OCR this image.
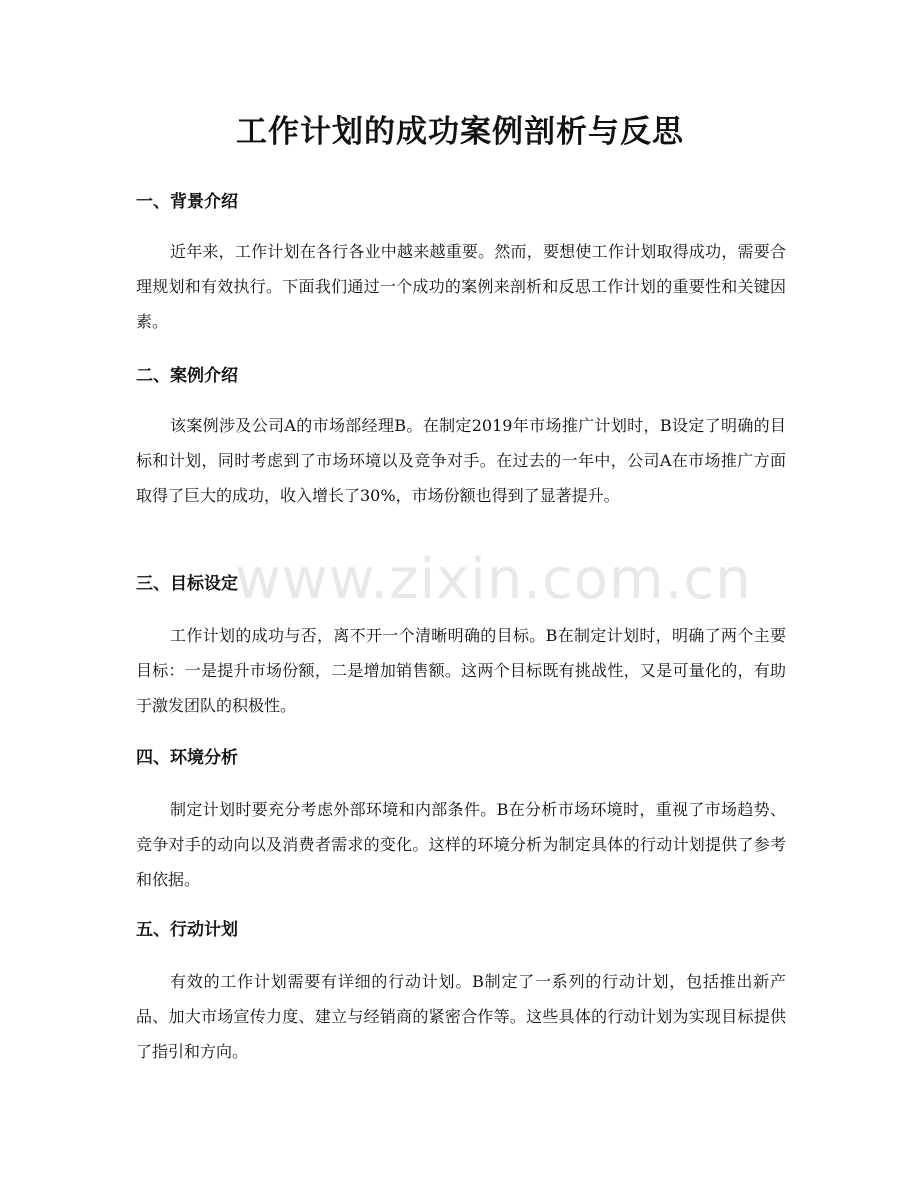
工作计划的成功案例剖析与反思
一、背景介绍

近年来，工作计划在各行各业中越来越重要。然而，要想使工作计划取得成功，需要合理规划和有效执行。下面我们通过一个成功的案例来剖析和反思工作计划的重要性和关键因素。

二、案例介绍

该案例涉及公司A的市场部经理B。在制定2019年市场推广计划时，B设定了明确的目标和计划，同时考虑到了市场环境以及竞争对手。在过去的一年中，公司A在市场推广方面取得了巨大的成功，收入增长了30%，市场份额也得到了显著提升。

三、目标设定

工作计划的成功与否，离不开一个清晰明确的目标。B在制定计划时，明确了两个主要目标：一是提升市场份额，二是增加销售额。这两个目标既有挑战性，又是可量化的，有助于激发团队的积极性。

四、环境分析

制定计划时要充分考虑外部环境和内部条件。B在分析市场环境时，重视了市场趋势、竞争对手的动向以及消费者需求的变化。这样的环境分析为制定具体的行动计划提供了参考和依据。

五、行动计划

有效的工作计划需要有详细的行动计划。B制定了一系列的行动计划，包括推出新产品、加大市场宣传力度、建立与经销商的紧密合作等。这些具体的行动计划为实现目标提供了指引和方向。

www.zixin.com.cn
